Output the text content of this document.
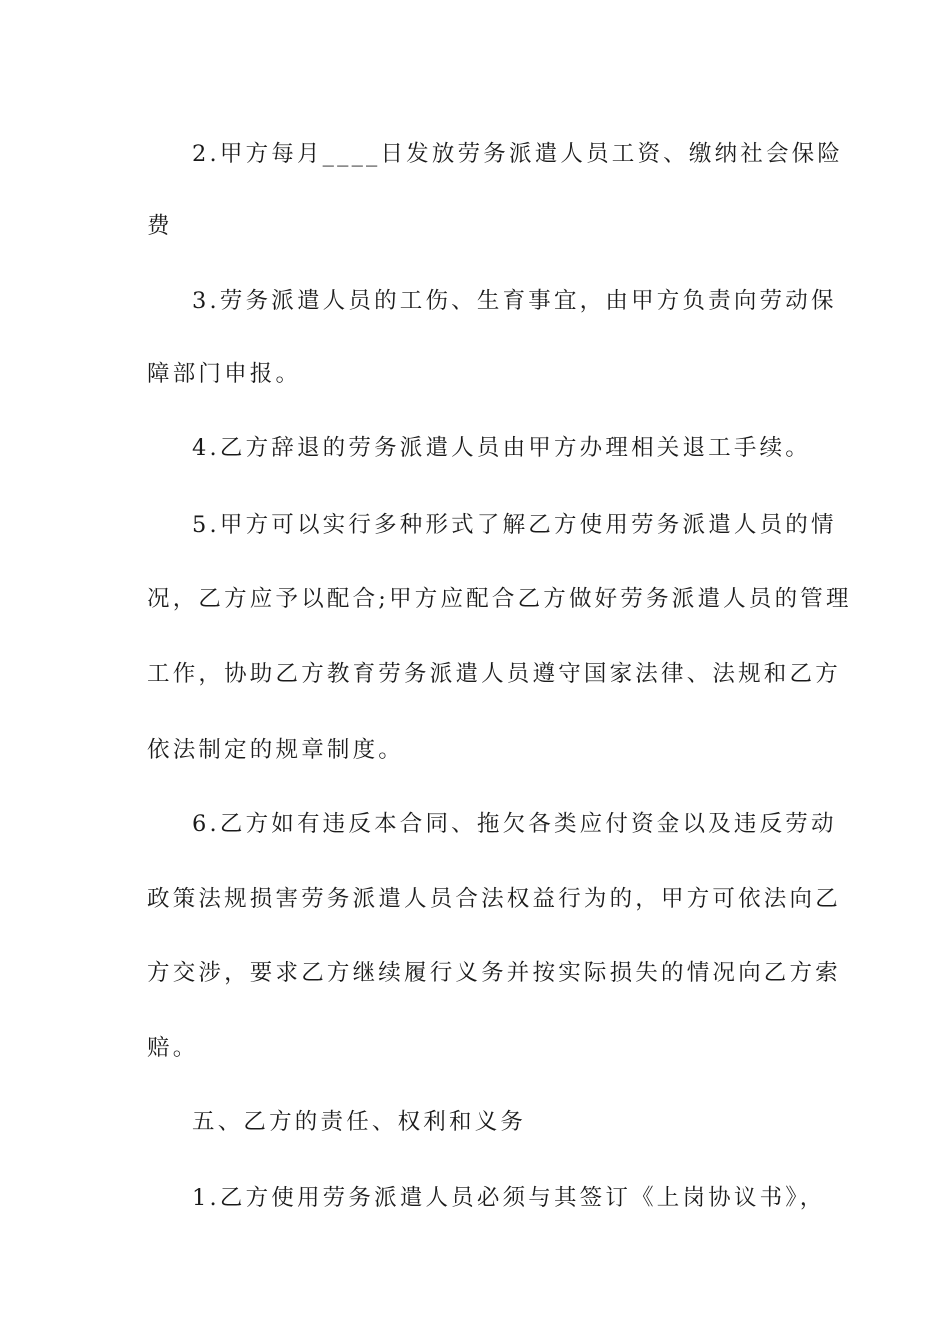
2.甲方每月____日发放劳务派遣人员工资、缴纳社会保险
费
3.劳务派遣人员的工伤、生育事宜，由甲方负责向劳动保
障部门申报。
4.乙方辞退的劳务派遣人员由甲方办理相关退工手续。
5.甲方可以实行多种形式了解乙方使用劳务派遣人员的情
况，乙方应予以配合;甲方应配合乙方做好劳务派遣人员的管理
工作，协助乙方教育劳务派遣人员遵守国家法律、法规和乙方
依法制定的规章制度。
6.乙方如有违反本合同、拖欠各类应付资金以及违反劳动
政策法规损害劳务派遣人员合法权益行为的，甲方可依法向乙
方交涉，要求乙方继续履行义务并按实际损失的情况向乙方索
赔。
五、乙方的责任、权利和义务
1.乙方使用劳务派遣人员必须与其签订《上岗协议书》，
